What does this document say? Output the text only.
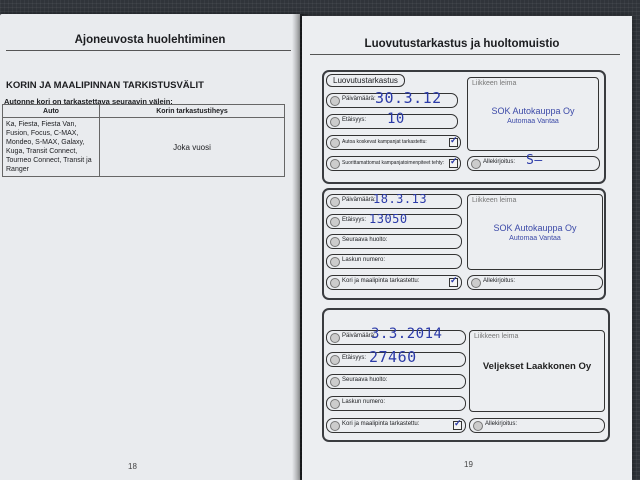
Ajoneuvosta huolehtiminen
KORIN JA MAALIPINNAN TARKISTUSVÄLIT
Autonne kori on tarkastettava seuraavin välein:
Auto	Korin tarkastustiheys
Ka, Fiesta, Fiesta Van, Fusion, Focus, C-MAX, Mondeo, S-MAX, Galaxy, Kuga, Transit Connect, Tourneo Connect, Transit ja Ranger	Joka vuosi
18
Luovutustarkastus ja huoltomuistio
Luovutustarkastus
Päivämäärä: 30.3.12
Etäisyys: 10
Autoa koskevat kampanjat tarkastettu:	✓
Suorittamattomat kampanjatoimenpiteet tehty: ✓
Liikkeen leima
SOK Autokauppa Oy
Automaa Vantaa
Allekirjoitus: S—
Päivämäärä:
18.3.13
Etäisyys: 13050
Seuraava huolto:
Laskun numero:
Kori ja maalipinta tarkastettu:	✓
Liikkeen leima
SOK Autokauppa Oy
Automaa Vantaa
Allekirjoitus:
Päivämäärä:
3.3.2014
Etäisyys: 27460
Seuraava huolto:
Laskun numero:
Kori ja maalipinta tarkastettu:	✓
Liikkeen leima
Veljekset Laakkonen Oy
Allekirjoitus:
19
